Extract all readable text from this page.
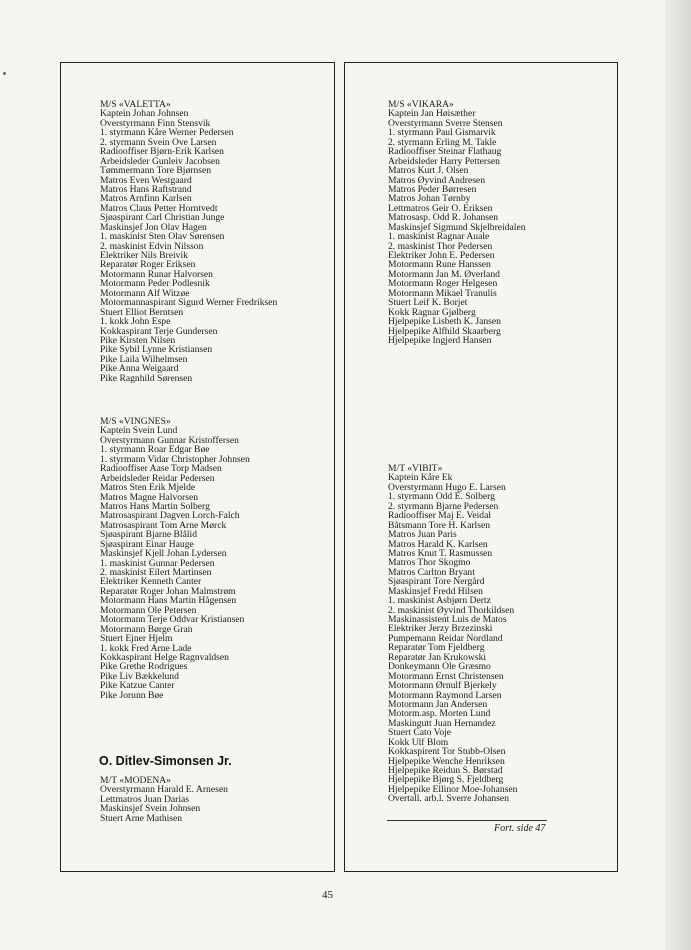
M/S «VALETTA»
Kaptein Johan Johnsen
Overstyrmann Finn Stensvik
1. styrmann Kåre Werner Pedersen
2. styrmann Svein Ove Larsen
Radiooffiser Bjørn-Erik Karlsen
Arbeidsleder Gunleiv Jacobsen
Tømmermann Tore Bjørnsen
Matros Even Westgaard
Matros Hans Raftstrand
Matros Arnfinn Karlsen
Matros Claus Petter Horntvedt
Sjøaspirant Carl Christian Junge
Maskinsjef Jon Olav Hagen
1. maskinist Sten Olav Sørensen
2. maskinist Edvin Nilsson
Elektriker Nils Breivik
Reparatør Roger Eriksen
Motormann Runar Halvorsen
Motormann Peder Podlesnik
Motormann Alf Witzøe
Motormannaspirant Sigurd Werner Fredriksen
Stuert Elliot Berntsen
1. kokk John Espe
Kokkaspirant Terje Gundersen
Pike Kirsten Nilsen
Pike Sybil Lynne Kristiansen
Pike Laila Wilhelmsen
Pike Anna Weigaard
Pike Ragnhild Sørensen
M/S «VINGNES»
Kaptein Svein Lund
Overstyrmann Gunnar Kristoffersen
1. styrmann Roar Edgar Bøe
1. styrmann Vidar Christopher Johnsen
Radiooffiser Aase Torp Madsen
Arbeidsleder Reidar Pedersen
Matros Sten Erik Mjelde
Matros Magne Halvorsen
Matros Hans Martin Solberg
Matrosaspirant Dagven Lorch-Falch
Matrosaspirant Tom Arne Mørck
Sjøaspirant Bjarne Blålid
Sjøaspirant Einar Hauge
Maskinsjef Kjell Johan Lydersen
1. maskinist Gunnar Pedersen
2. maskinist Eilert Martinsen
Elektriker Kenneth Canter
Reparatør Roger Johan Malmstrøm
Motormann Hans Martin Hågensen
Motormann Ole Petersen
Motormann Terje Oddvar Kristiansen
Motormann Børge Gran
Stuert Ejner Hjelm
1. kokk Fred Arne Lade
Kokkaspirant Helge Ragnvaldsen
Pike Grethe Rodrigues
Pike Liv Bækkelund
Pike Katzue Canter
Pike Jorunn Bøe
O. Ditlev-Simonsen Jr.
M/T «MODENA»
Overstyrmann Harald E. Arnesen
Lettmatros Juan Darias
Maskinsjef Svein Johnsen
Stuert Arne Mathisen
M/S «VIKARA»
Kaptein Jan Høisæther
Overstyrmann Sverre Stensen
1. styrmann Paul Gismarvik
2. styrmann Erling M. Takle
Radiooffiser Steinar Flathaug
Arbeidsleder Harry Pettersen
Matros Kurt J. Olsen
Matros Øyvind Andresen
Matros Peder Børresen
Matros Johan Tørnby
Lettmatros Geir O. Eriksen
Matrosasp. Odd R. Johansen
Maskinsjef Sigmund Skjelbreidalen
1. maskinist Ragnar Auale
2. maskinist Thor Pedersen
Elektriker John E. Pedersen
Motormann Rune Hanssen
Motormann Jan M. Øverland
Motormann Roger Helgesen
Motormann Mikael Tranulis
Stuert Leif K. Borjet
Kokk Ragnar Gjølberg
Hjelpepike Lisbeth K. Jansen
Hjelpepike Alfhild Skaarberg
Hjelpepike Ingjerd Hansen
M/T «VIBIT»
Kaptein Kåre Ek
Overstyrmann Hugo E. Larsen
1. styrmann Odd E. Solberg
2. styrmann Bjarne Pedersen
Radiooffiser Maj E. Veidal
Båtsmann Tore H. Karlsen
Matros Juan Paris
Matros Harald K. Karlsen
Matros Knut T. Rasmussen
Matros Thor Skogmo
Matros Carlton Bryant
Sjøaspirant Tore Nergård
Maskinsjef Fredd Hilsen
1. maskinist Asbjørn Dertz
2. maskinist Øyvind Thorkildsen
Maskinassistent Luis de Matos
Elektriker Jerzy Brzezinski
Pumpemann Reidar Nordland
Reparatør Tom Fjeldberg
Reparatør Jan Krukowski
Donkeymann Ole Græsmo
Motormann Ernst Christensen
Motormann Ørnulf Bjerkely
Motormann Raymond Larsen
Motormann Jan Andersen
Motorm.asp. Morten Lund
Maskingutt Juan Hernandez
Stuert Cato Voje
Kokk Ulf Blom
Kokkaspirent Tor Stubb-Olsen
Hjelpepike Wenche Henriksen
Hjelpepike Reidun S. Børstad
Hjelpepike Bjørg S. Fjeldberg
Hjelpepike Ellinor Moe-Johansen
Overtall. arb.l. Sverre Johansen
Fort. side 47
45
